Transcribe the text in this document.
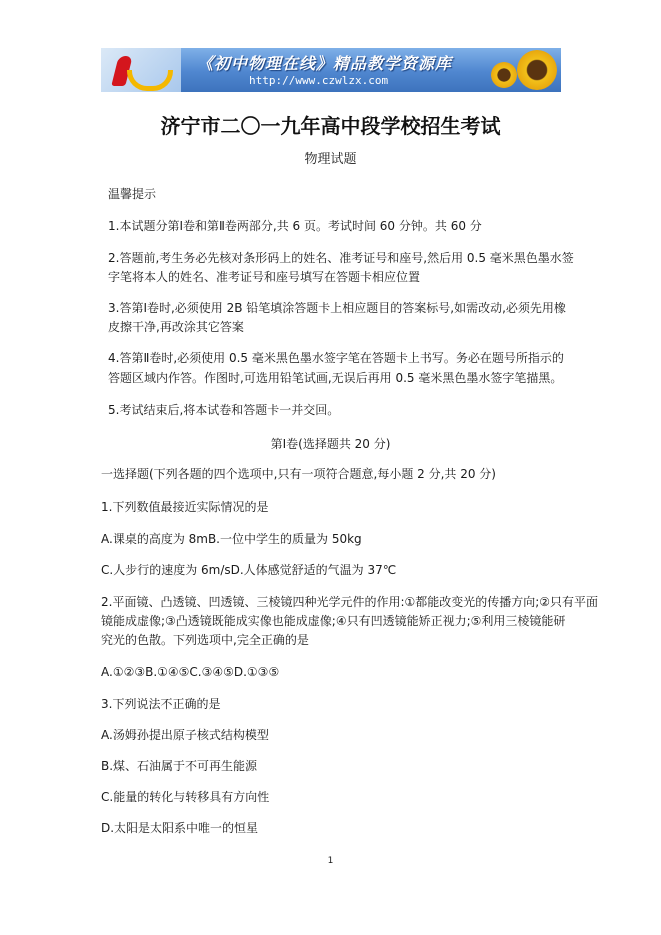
《初中物理在线》精品教学资源库
http://www.czwlzx.com
济宁市二〇一九年高中段学校招生考试
物理试题
温馨提示
1.本试题分第Ⅰ卷和第Ⅱ卷两部分,共 6 页。考试时间 60 分钟。共 60 分
2.答题前,考生务必先核对条形码上的姓名、准考证号和座号,然后用 0.5 毫米黑色墨水签
字笔将本人的姓名、准考证号和座号填写在答题卡相应位置
3.答第Ⅰ卷时,必须使用 2B 铅笔填涂答题卡上相应题目的答案标号,如需改动,必须先用橡
皮擦干净,再改涂其它答案
4.答第Ⅱ卷时,必须使用 0.5 毫米黑色墨水签字笔在答题卡上书写。务必在题号所指示的
答题区域内作答。作图时,可选用铅笔试画,无误后再用 0.5 毫米黑色墨水签字笔描黑。
5.考试结束后,将本试卷和答题卡一并交回。
第Ⅰ卷(选择题共 20 分)
一选择题(下列各题的四个选项中,只有一项符合题意,每小题 2 分,共 20 分)
1.下列数值最接近实际情况的是
A.课桌的高度为 8mB.一位中学生的质量为 50kg
C.人步行的速度为 6m/sD.人体感觉舒适的气温为 37℃
2.平面镜、凸透镜、凹透镜、三棱镜四种光学元件的作用:①都能改变光的传播方向;②只有平面
镜能成虚像;③凸透镜既能成实像也能成虚像;④只有凹透镜能矫正视力;⑤利用三棱镜能研
究光的色散。下列选项中,完全正确的是
A.①②③B.①④⑤C.③④⑤D.①③⑤
3.下列说法不正确的是
A.汤姆孙提出原子核式结构模型
B.煤、石油属于不可再生能源
C.能量的转化与转移具有方向性
D.太阳是太阳系中唯一的恒星
1
